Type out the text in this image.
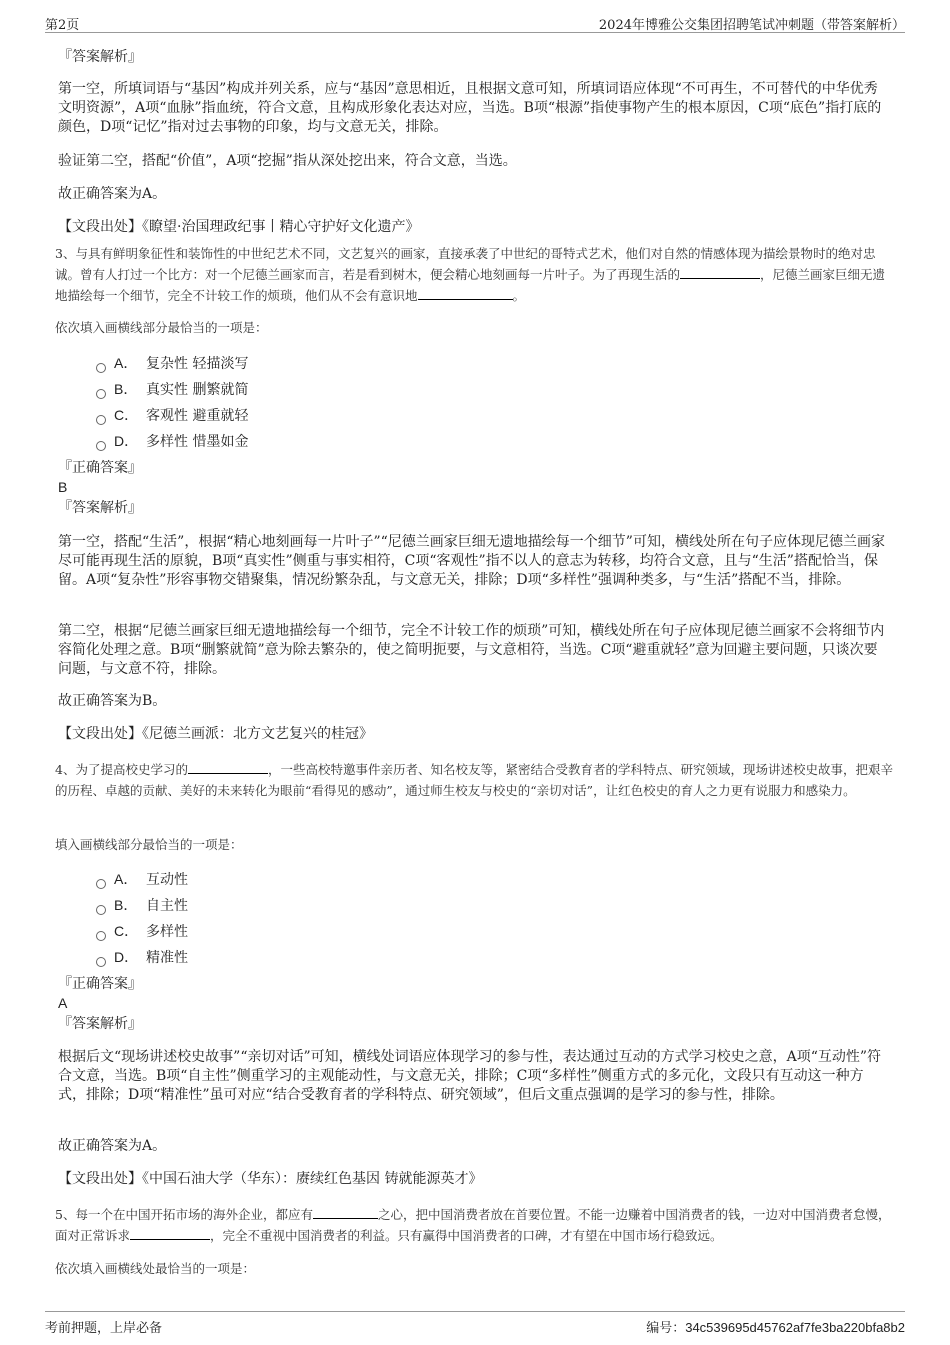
第2页	2024年博雅公交集团招聘笔试冲刺题（带答案解析）
『答案解析』
第一空，所填词语与“基因”构成并列关系，应与“基因”意思相近，且根据文意可知，所填词语应体现“不可再生，不可替代的中华优秀文明资源”，A项“血脉”指血统，符合文意，且构成形象化表达对应，当选。B项“根源”指使事物产生的根本原因，C项“底色”指打底的颜色，D项“记忆”指对过去事物的印象，均与文意无关，排除。
验证第二空，搭配“价值”，A项“挖掘”指从深处挖出来，符合文意，当选。
故正确答案为A。
【文段出处】《瞭望·治国理政纪事丨精心守护好文化遗产》
3、与具有鲜明象征性和装饰性的中世纪艺术不同，文艺复兴的画家，直接承袭了中世纪的哥特式艺术，他们对自然的情感体现为描绘景物时的绝对忠诚。曾有人打过一个比方：对一个尼德兰画家而言，若是看到树木，便会精心地刻画每一片叶子。为了再现生活的	，尼德兰画家巨细无遗地描绘每一个细节，完全不计较工作的烦琐，他们从不会有意识地	。
依次填入画横线部分最恰当的一项是：
A． 复杂性 轻描淡写
B． 真实性 删繁就简
C． 客观性 避重就轻
D． 多样性 惜墨如金
『正确答案』
B
『答案解析』
第一空，搭配“生活”，根据“精心地刻画每一片叶子”“尼德兰画家巨细无遗地描绘每一个细节”可知，横线处所在句子应体现尼德兰画家尽可能再现生活的原貌，B项“真实性”侧重与事实相符，C项“客观性”指不以人的意志为转移，均符合文意，且与“生活”搭配恰当，保留。A项“复杂性”形容事物交错聚集，情况纷繁杂乱，与文意无关，排除；D项“多样性”强调种类多，与“生活”搭配不当，排除。
第二空，根据“尼德兰画家巨细无遗地描绘每一个细节，完全不计较工作的烦琐”可知，横线处所在句子应体现尼德兰画家不会将细节内容简化处理之意。B项“删繁就简”意为除去繁杂的，使之简明扼要，与文意相符，当选。C项“避重就轻”意为回避主要问题，只谈次要问题，与文意不符，排除。
故正确答案为B。
【文段出处】《尼德兰画派：北方文艺复兴的桂冠》
4、为了提高校史学习的	，一些高校特邀事件亲历者、知名校友等，紧密结合受教育者的学科特点、研究领域，现场讲述校史故事，把艰辛的历程、卓越的贡献、美好的未来转化为眼前“看得见的感动”，通过师生校友与校史的“亲切对话”，让红色校史的育人之力更有说服力和感染力。
填入画横线部分最恰当的一项是：
A． 互动性
B． 自主性
C． 多样性
D． 精准性
『正确答案』
A
『答案解析』
根据后文“现场讲述校史故事”“亲切对话”可知，横线处词语应体现学习的参与性，表达通过互动的方式学习校史之意，A项“互动性”符合文意，当选。B项“自主性”侧重学习的主观能动性，与文意无关，排除；C项“多样性”侧重方式的多元化，文段只有互动这一种方式，排除；D项“精准性”虽可对应“结合受教育者的学科特点、研究领域”，但后文重点强调的是学习的参与性，排除。
故正确答案为A。
【文段出处】《中国石油大学（华东）：赓续红色基因 铸就能源英才》
5、每一个在中国开拓市场的海外企业，都应有	之心，把中国消费者放在首要位置。不能一边赚着中国消费者的钱，一边对中国消费者怠慢，面对正常诉求	，完全不重视中国消费者的利益。只有赢得中国消费者的口碑，才有望在中国市场行稳致远。
依次填入画横线处最恰当的一项是：
考前押题，上岸必备	编号：34c539695d45762af7fe3ba220bfa8b2
